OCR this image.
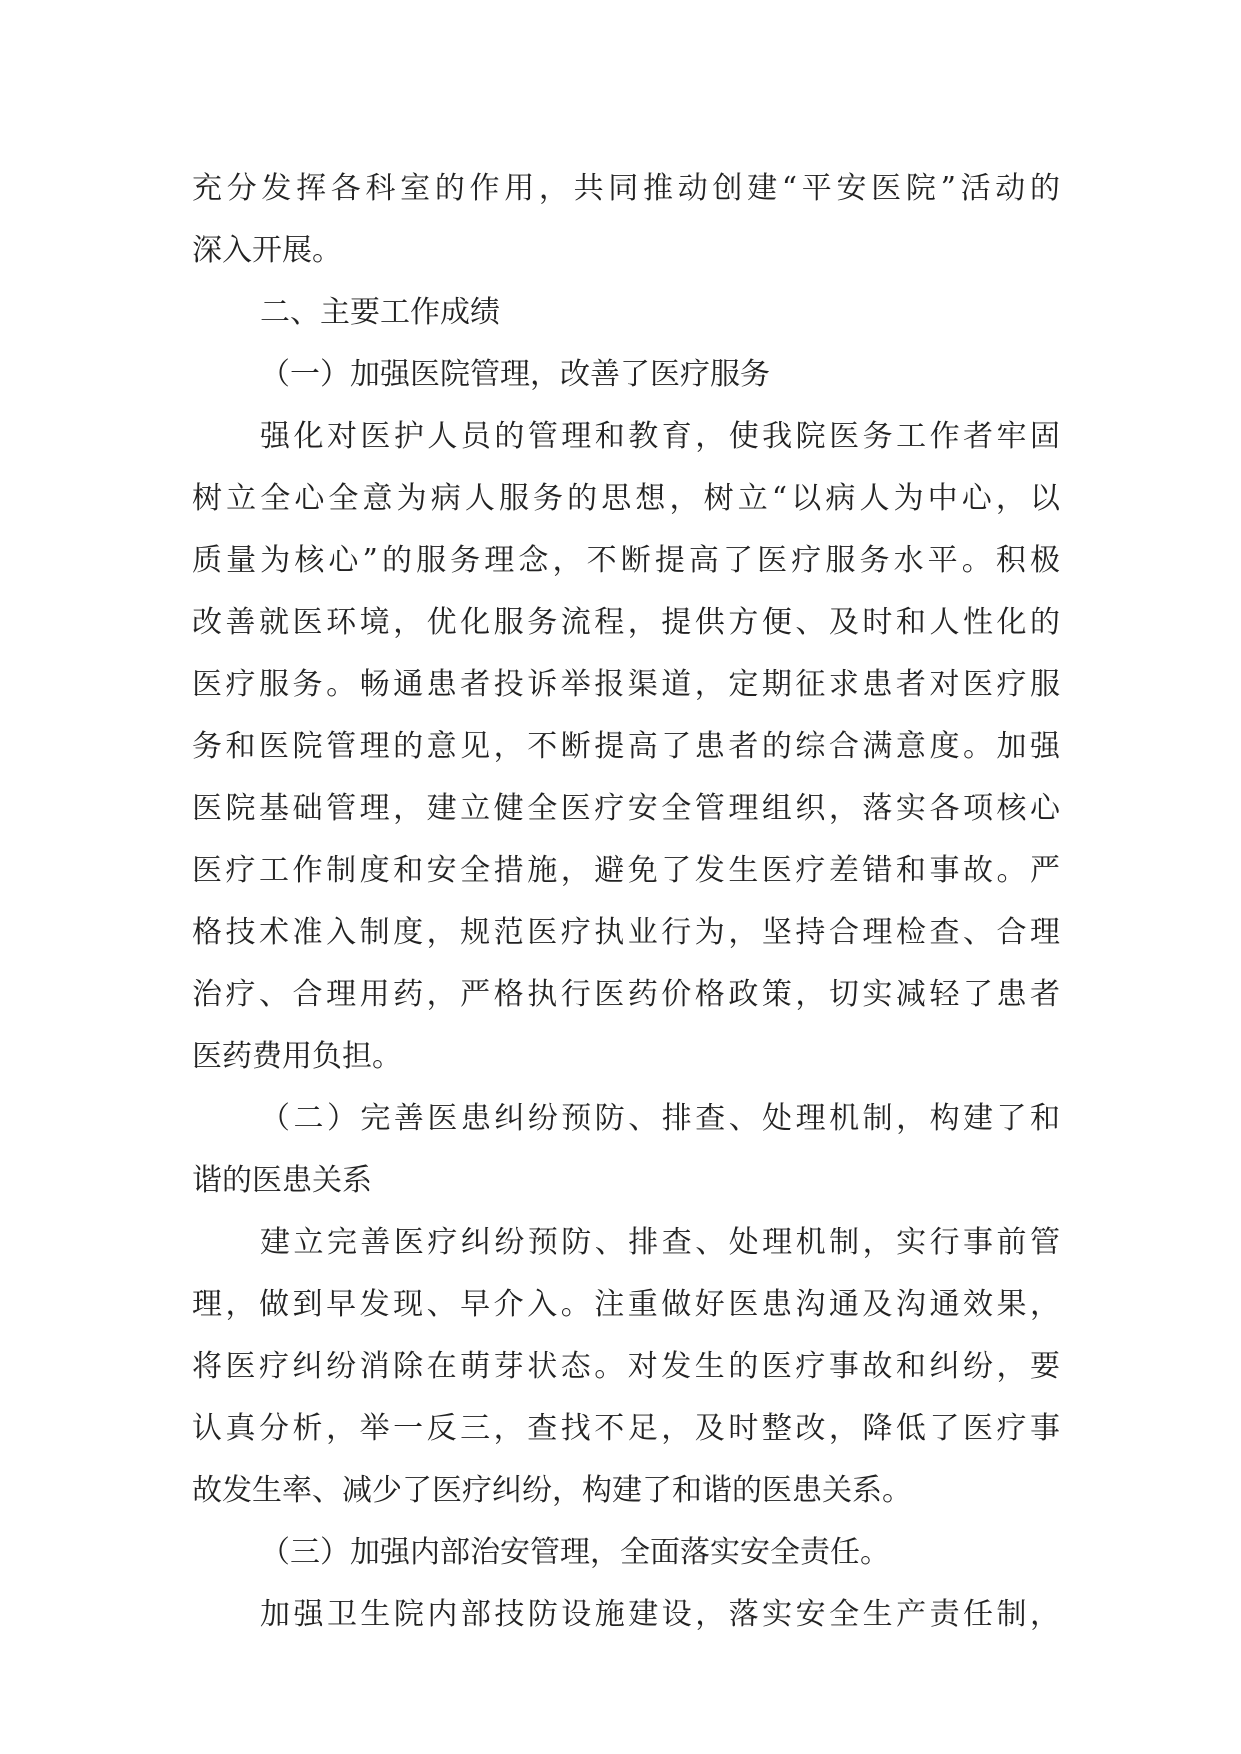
充分发挥各科室的作用，共同推动创建“平安医院”活动的
深入开展。
二、主要工作成绩
（一）加强医院管理，改善了医疗服务
强化对医护人员的管理和教育，使我院医务工作者牢固
树立全心全意为病人服务的思想，树立“以病人为中心，以
质量为核心”的服务理念，不断提高了医疗服务水平。积极
改善就医环境，优化服务流程，提供方便、及时和人性化的
医疗服务。畅通患者投诉举报渠道，定期征求患者对医疗服
务和医院管理的意见，不断提高了患者的综合满意度。加强
医院基础管理，建立健全医疗安全管理组织，落实各项核心
医疗工作制度和安全措施，避免了发生医疗差错和事故。严
格技术准入制度，规范医疗执业行为，坚持合理检查、合理
治疗、合理用药，严格执行医药价格政策，切实减轻了患者
医药费用负担。
（二）完善医患纠纷预防、排查、处理机制，构建了和
谐的医患关系
建立完善医疗纠纷预防、排查、处理机制，实行事前管
理，做到早发现、早介入。注重做好医患沟通及沟通效果，
将医疗纠纷消除在萌芽状态。对发生的医疗事故和纠纷，要
认真分析，举一反三，查找不足，及时整改，降低了医疗事
故发生率、减少了医疗纠纷，构建了和谐的医患关系。
（三）加强内部治安管理，全面落实安全责任。
加强卫生院内部技防设施建设，落实安全生产责任制，
